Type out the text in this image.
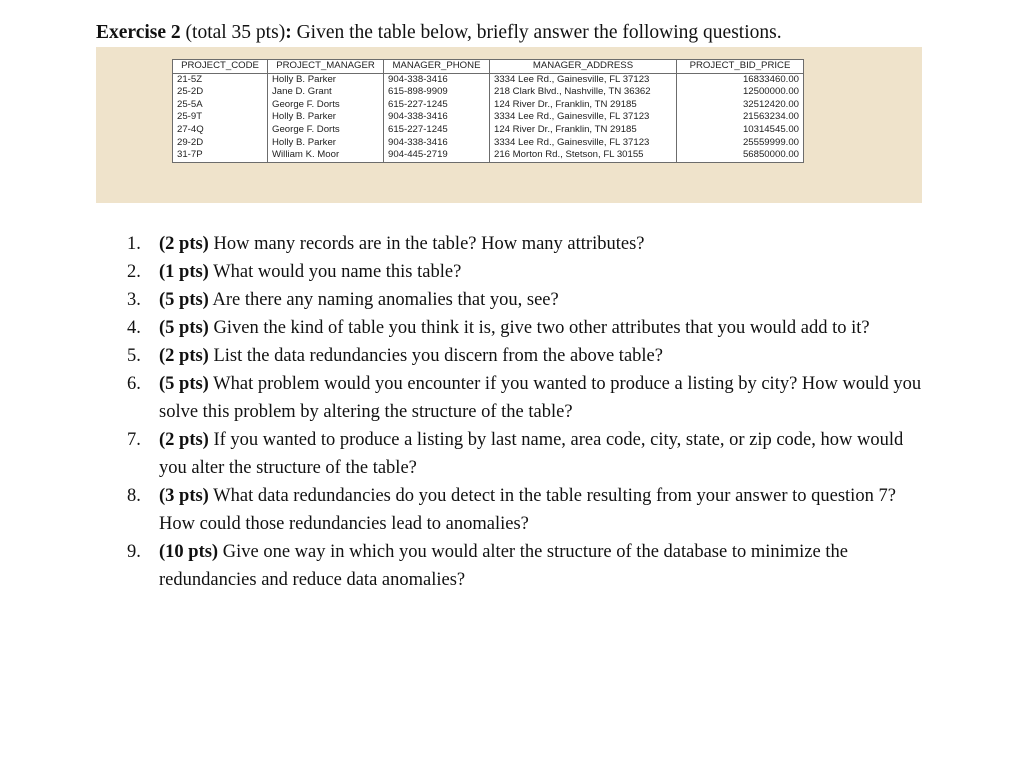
Exercise 2 (total 35 pts): Given the table below, briefly answer the following questions.
PROJECT_CODE	PROJECT_MANAGER	MANAGER_PHONE	MANAGER_ADDRESS	PROJECT_BID_PRICE
21-5Z	Holly B. Parker	904-338-3416	3334 Lee Rd., Gainesville, FL 37123	16833460.00
25-2D	Jane D. Grant	615-898-9909	218 Clark Blvd., Nashville, TN 36362	12500000.00
25-5A	George F. Dorts	615-227-1245	124 River Dr., Franklin, TN 29185	32512420.00
25-9T	Holly B. Parker	904-338-3416	3334 Lee Rd., Gainesville, FL 37123	21563234.00
27-4Q	George F. Dorts	615-227-1245	124 River Dr., Franklin, TN 29185	10314545.00
29-2D	Holly B. Parker	904-338-3416	3334 Lee Rd., Gainesville, FL 37123	25559999.00
31-7P	William K. Moor	904-445-2719	216 Morton Rd., Stetson, FL 30155	56850000.00
1. (2 pts) How many records are in the table? How many attributes?
2. (1 pts) What would you name this table?
3. (5 pts) Are there any naming anomalies that you, see?
4. (5 pts) Given the kind of table you think it is, give two other attributes that you would add to it?
5. (2 pts) List the data redundancies you discern from the above table?
6. (5 pts) What problem would you encounter if you wanted to produce a listing by city? How would you solve this problem by altering the structure of the table?
7. (2 pts) If you wanted to produce a listing by last name, area code, city, state, or zip code, how would you alter the structure of the table?
8. (3 pts) What data redundancies do you detect in the table resulting from your answer to question 7? How could those redundancies lead to anomalies?
9. (10 pts) Give one way in which you would alter the structure of the database to minimize the redundancies and reduce data anomalies?
